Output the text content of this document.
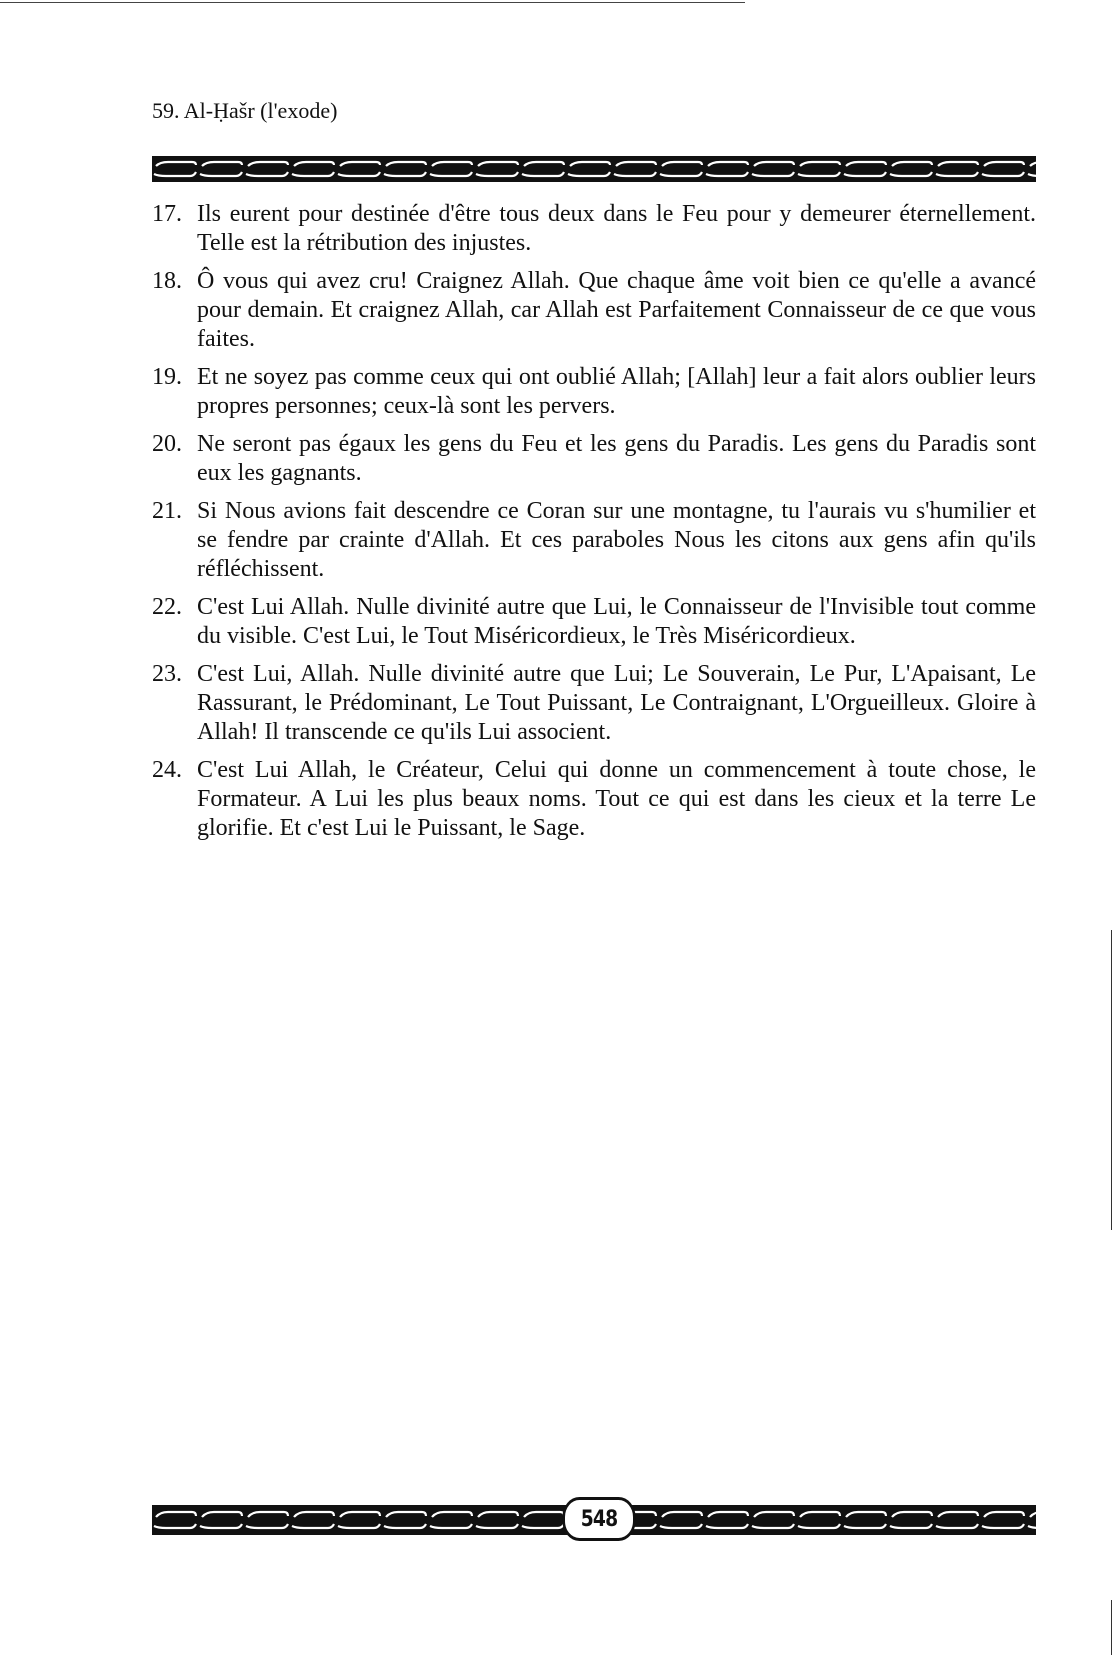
59. Al-Ḥašr (l'exode)
17. Ils eurent pour destinée d'être tous deux dans le Feu pour y demeurer éternellement. Telle est la rétribution des injustes.
18. Ô vous qui avez cru! Craignez Allah. Que chaque âme voit bien ce qu'elle a avancé pour demain. Et craignez Allah, car Allah est Parfaitement Connaisseur de ce que vous faites.
19. Et ne soyez pas comme ceux qui ont oublié Allah; [Allah] leur a fait alors oublier leurs propres personnes; ceux-là sont les pervers.
20. Ne seront pas égaux les gens du Feu et les gens du Paradis. Les gens du Paradis sont eux les gagnants.
21. Si Nous avions fait descendre ce Coran sur une montagne, tu l'aurais vu s'humilier et se fendre par crainte d'Allah. Et ces paraboles Nous les citons aux gens afin qu'ils réfléchissent.
22. C'est Lui Allah. Nulle divinité autre que Lui, le Connaisseur de l'Invisible tout comme du visible. C'est Lui, le Tout Miséricordieux, le Très Miséricordieux.
23. C'est Lui, Allah. Nulle divinité autre que Lui; Le Souverain, Le Pur, L'Apaisant, Le Rassurant, le Prédominant, Le Tout Puissant, Le Contraignant, L'Orgueilleux. Gloire à Allah! Il transcende ce qu'ils Lui associent.
24. C'est Lui Allah, le Créateur, Celui qui donne un commencement à toute chose, le Formateur. A Lui les plus beaux noms. Tout ce qui est dans les cieux et la terre Le glorifie. Et c'est Lui le Puissant, le Sage.
548
